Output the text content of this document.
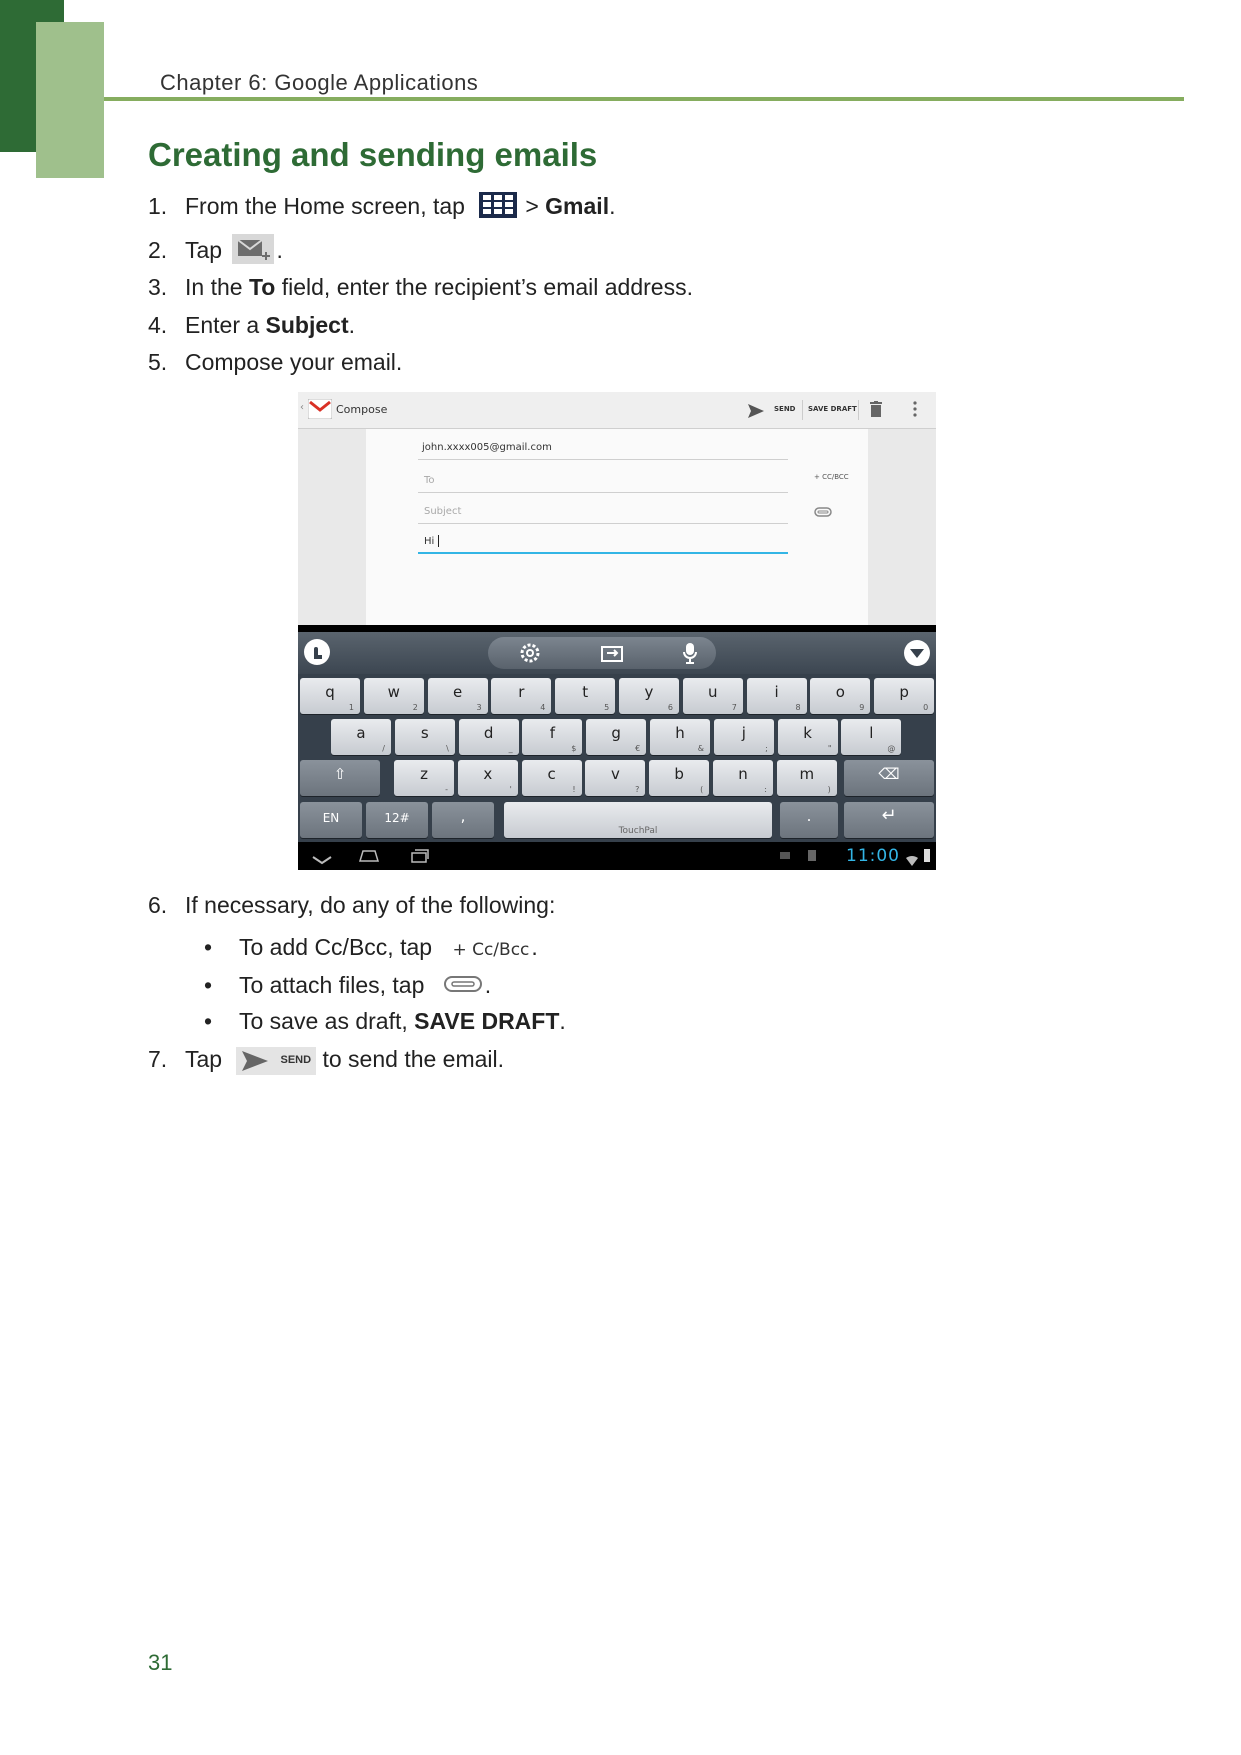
Chapter 6: Google Applications
Creating and sending emails
1. From the Home screen, tap	> Gmail.
2. Tap .
3. In the To field, enter the recipient’s email address.
4. Enter a Subject.
5. Compose your email.
‹	Compose	SEND SAVE DRAFT
john.xxxx005@gmail.com
To
Subject
Hi
+ CC/BCC
q
1
w
2
e
3
r
4
t
5
y
6
u
7
i
8
o
9
p
0
a
/
s
\
d
_
f
$
g
€
h
&
j
;
k
"
l
@
z
-
x
'
c
!
v
?
b
(
n
:
m
)
⇧	⌫
EN	12#	,
TouchPal
.	↵
11:00
6. If necessary, do any of the following:
• To add Cc/Bcc, tap + Cc/Bcc.
• To attach files, tap	.
• To save as draft, SAVE DRAFT.
7. Tap	SEND to send the email.
31
